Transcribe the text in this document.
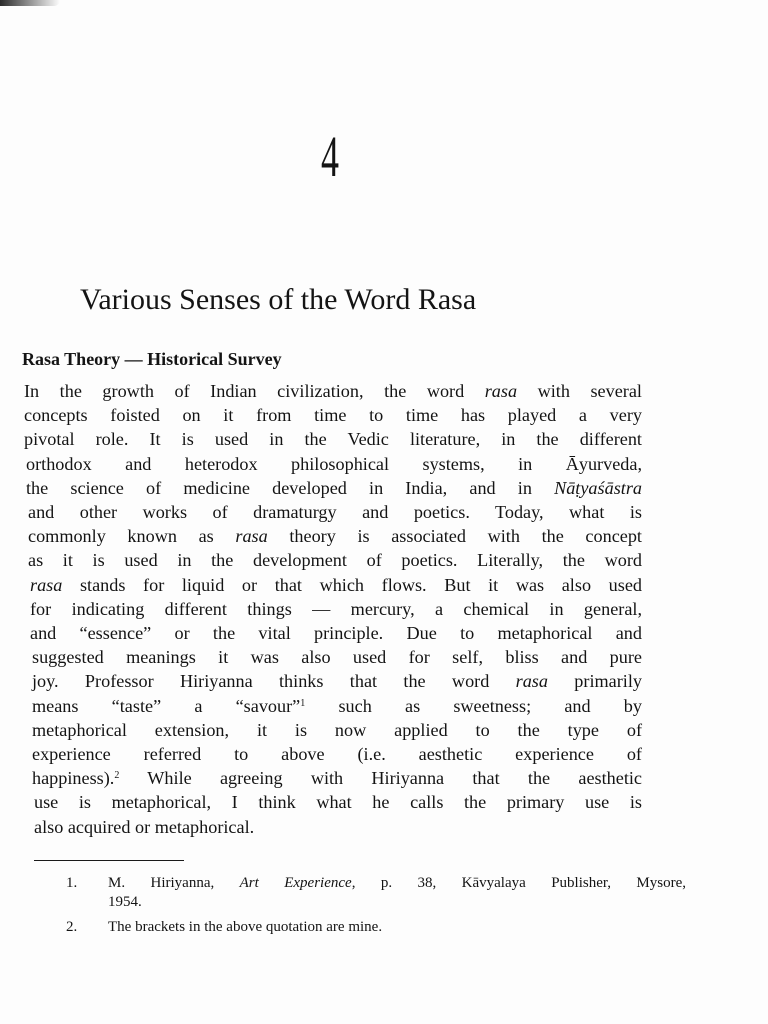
4
Various Senses of the Word Rasa
Rasa Theory — Historical Survey
In the growth of Indian civilization, the word rasa with several
concepts foisted on it from time to time has played a very
pivotal role. It is used in the Vedic literature, in the different
orthodox and heterodox philosophical systems, in Āyurveda,
the science of medicine developed in India, and in Nāṭyaśāstra
and other works of dramaturgy and poetics. Today, what is
commonly known as rasa theory is associated with the concept
as it is used in the development of poetics. Literally, the word
rasa stands for liquid or that which flows. But it was also used
for indicating different things — mercury, a chemical in general,
and “essence” or the vital principle. Due to metaphorical and
suggested meanings it was also used for self, bliss and pure
joy. Professor Hiriyanna thinks that the word rasa primarily
means “taste” a “savour”$^1$ such as sweetness; and by
metaphorical extension, it is now applied to the type of
experience referred to above (i.e. aesthetic experience of
happiness).$^2$ While agreeing with Hiriyanna that the aesthetic
use is metaphorical, I think what he calls the primary use is
also acquired or metaphorical.
1. M. Hiriyanna, Art Experience, p. 38, Kāvyalaya Publisher, Mysore,
1954.
2. The brackets in the above quotation are mine.
